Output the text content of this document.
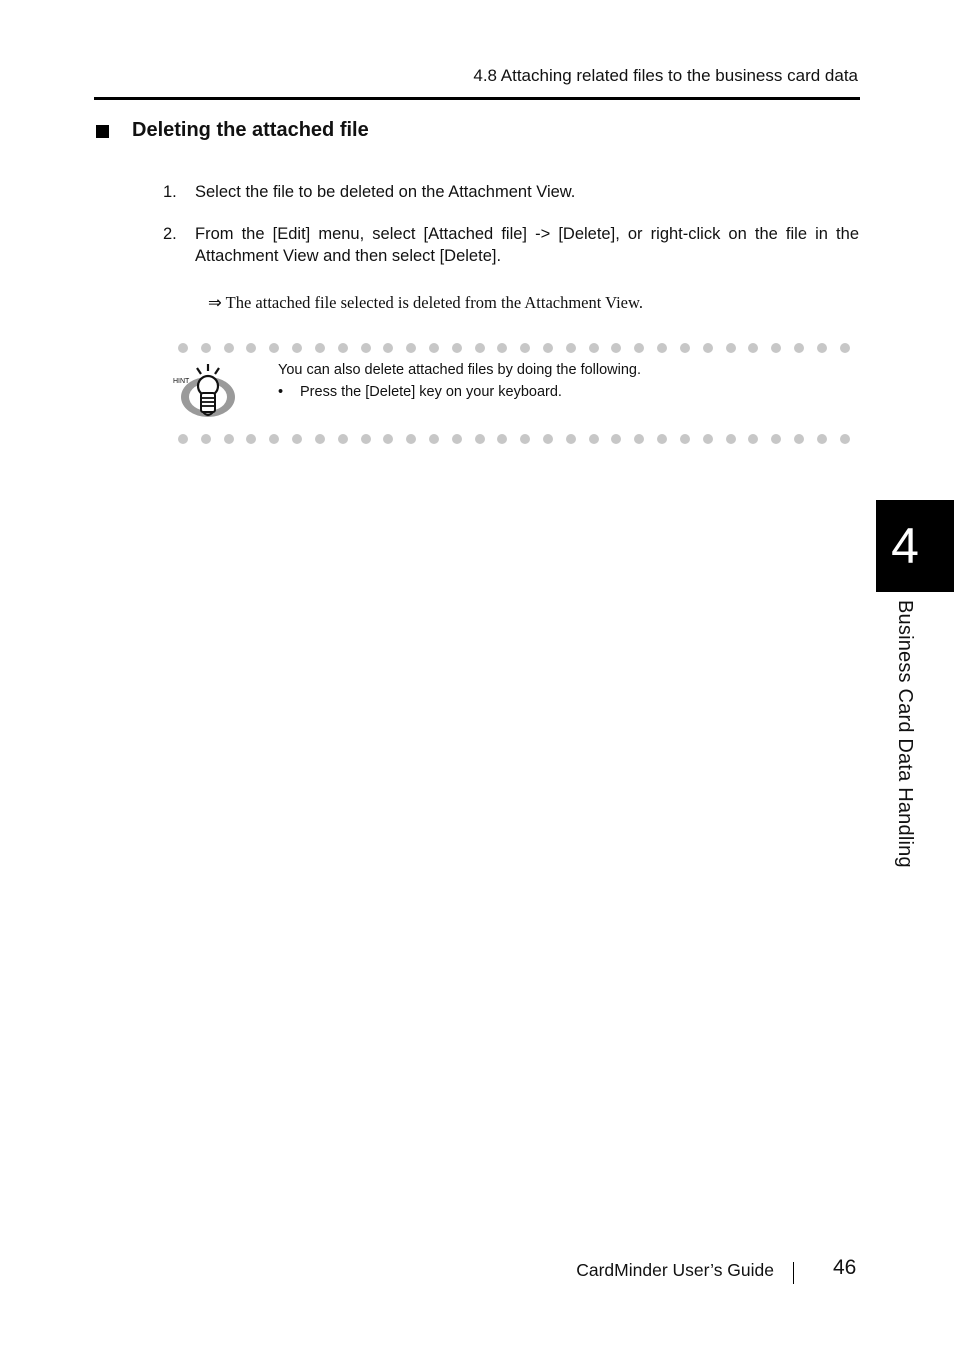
4.8 Attaching related files to the business card data
Deleting the attached file
1. Select the file to be deleted on the Attachment View.
2. From the [Edit] menu, select [Attached file] -> [Delete], or right-click on the file in the Attachment View and then select [Delete].
⇒ The attached file selected is deleted from the Attachment View.
HINT
You can also delete attached files by doing the following.
•	Press the [Delete] key on your keyboard.
4
Business Card Data Handling
CardMinder User’s Guide	46
